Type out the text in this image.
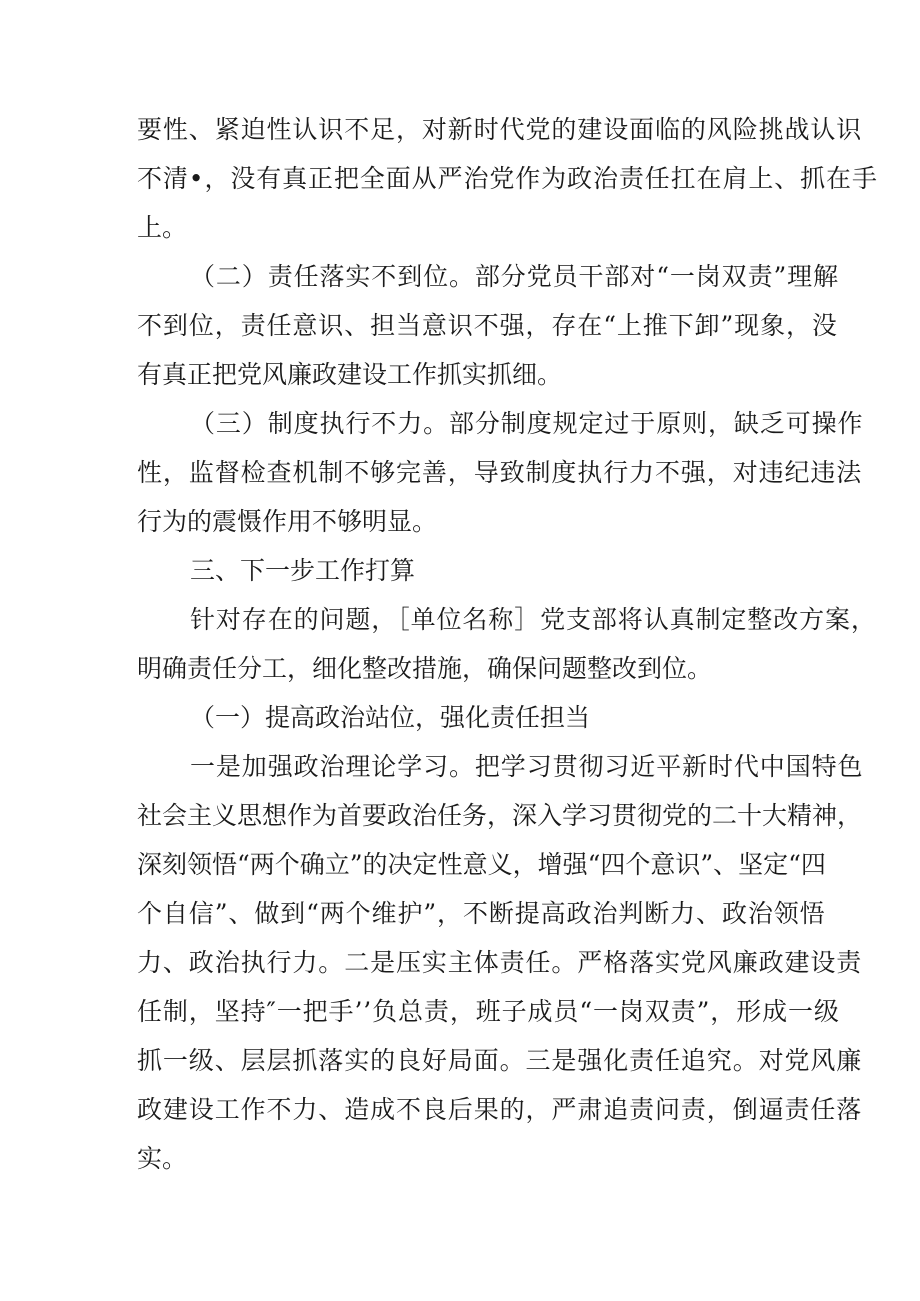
要性、紧迫性认识不足，对新时代党的建设面临的风险挑战认识
不清•，没有真正把全面从严治党作为政治责任扛在肩上、抓在手
上。
（二）责任落实不到位。部分党员干部对“一岗双责”理解
不到位，责任意识、担当意识不强，存在“上推下卸”现象，没
有真正把党风廉政建设工作抓实抓细。
（三）制度执行不力。部分制度规定过于原则，缺乏可操作
性，监督检查机制不够完善，导致制度执行力不强，对违纪违法
行为的震慑作用不够明显。
三、下一步工作打算
针对存在的问题，［单位名称］党支部将认真制定整改方案，
明确责任分工，细化整改措施，确保问题整改到位。
（一）提高政治站位，强化责任担当
一是加强政治理论学习。把学习贯彻习近平新时代中国特色
社会主义思想作为首要政治任务，深入学习贯彻党的二十大精神，
深刻领悟“两个确立”的决定性意义，增强“四个意识”、坚定“四
个自信”、做到“两个维护”，不断提高政治判断力、政治领悟
力、政治执行力。二是压实主体责任。严格落实党风廉政建设责
任制，坚持″一把手’’负总责，班子成员“一岗双责”，形成一级
抓一级、层层抓落实的良好局面。三是强化责任追究。对党风廉
政建设工作不力、造成不良后果的，严肃追责问责，倒逼责任落
实。
